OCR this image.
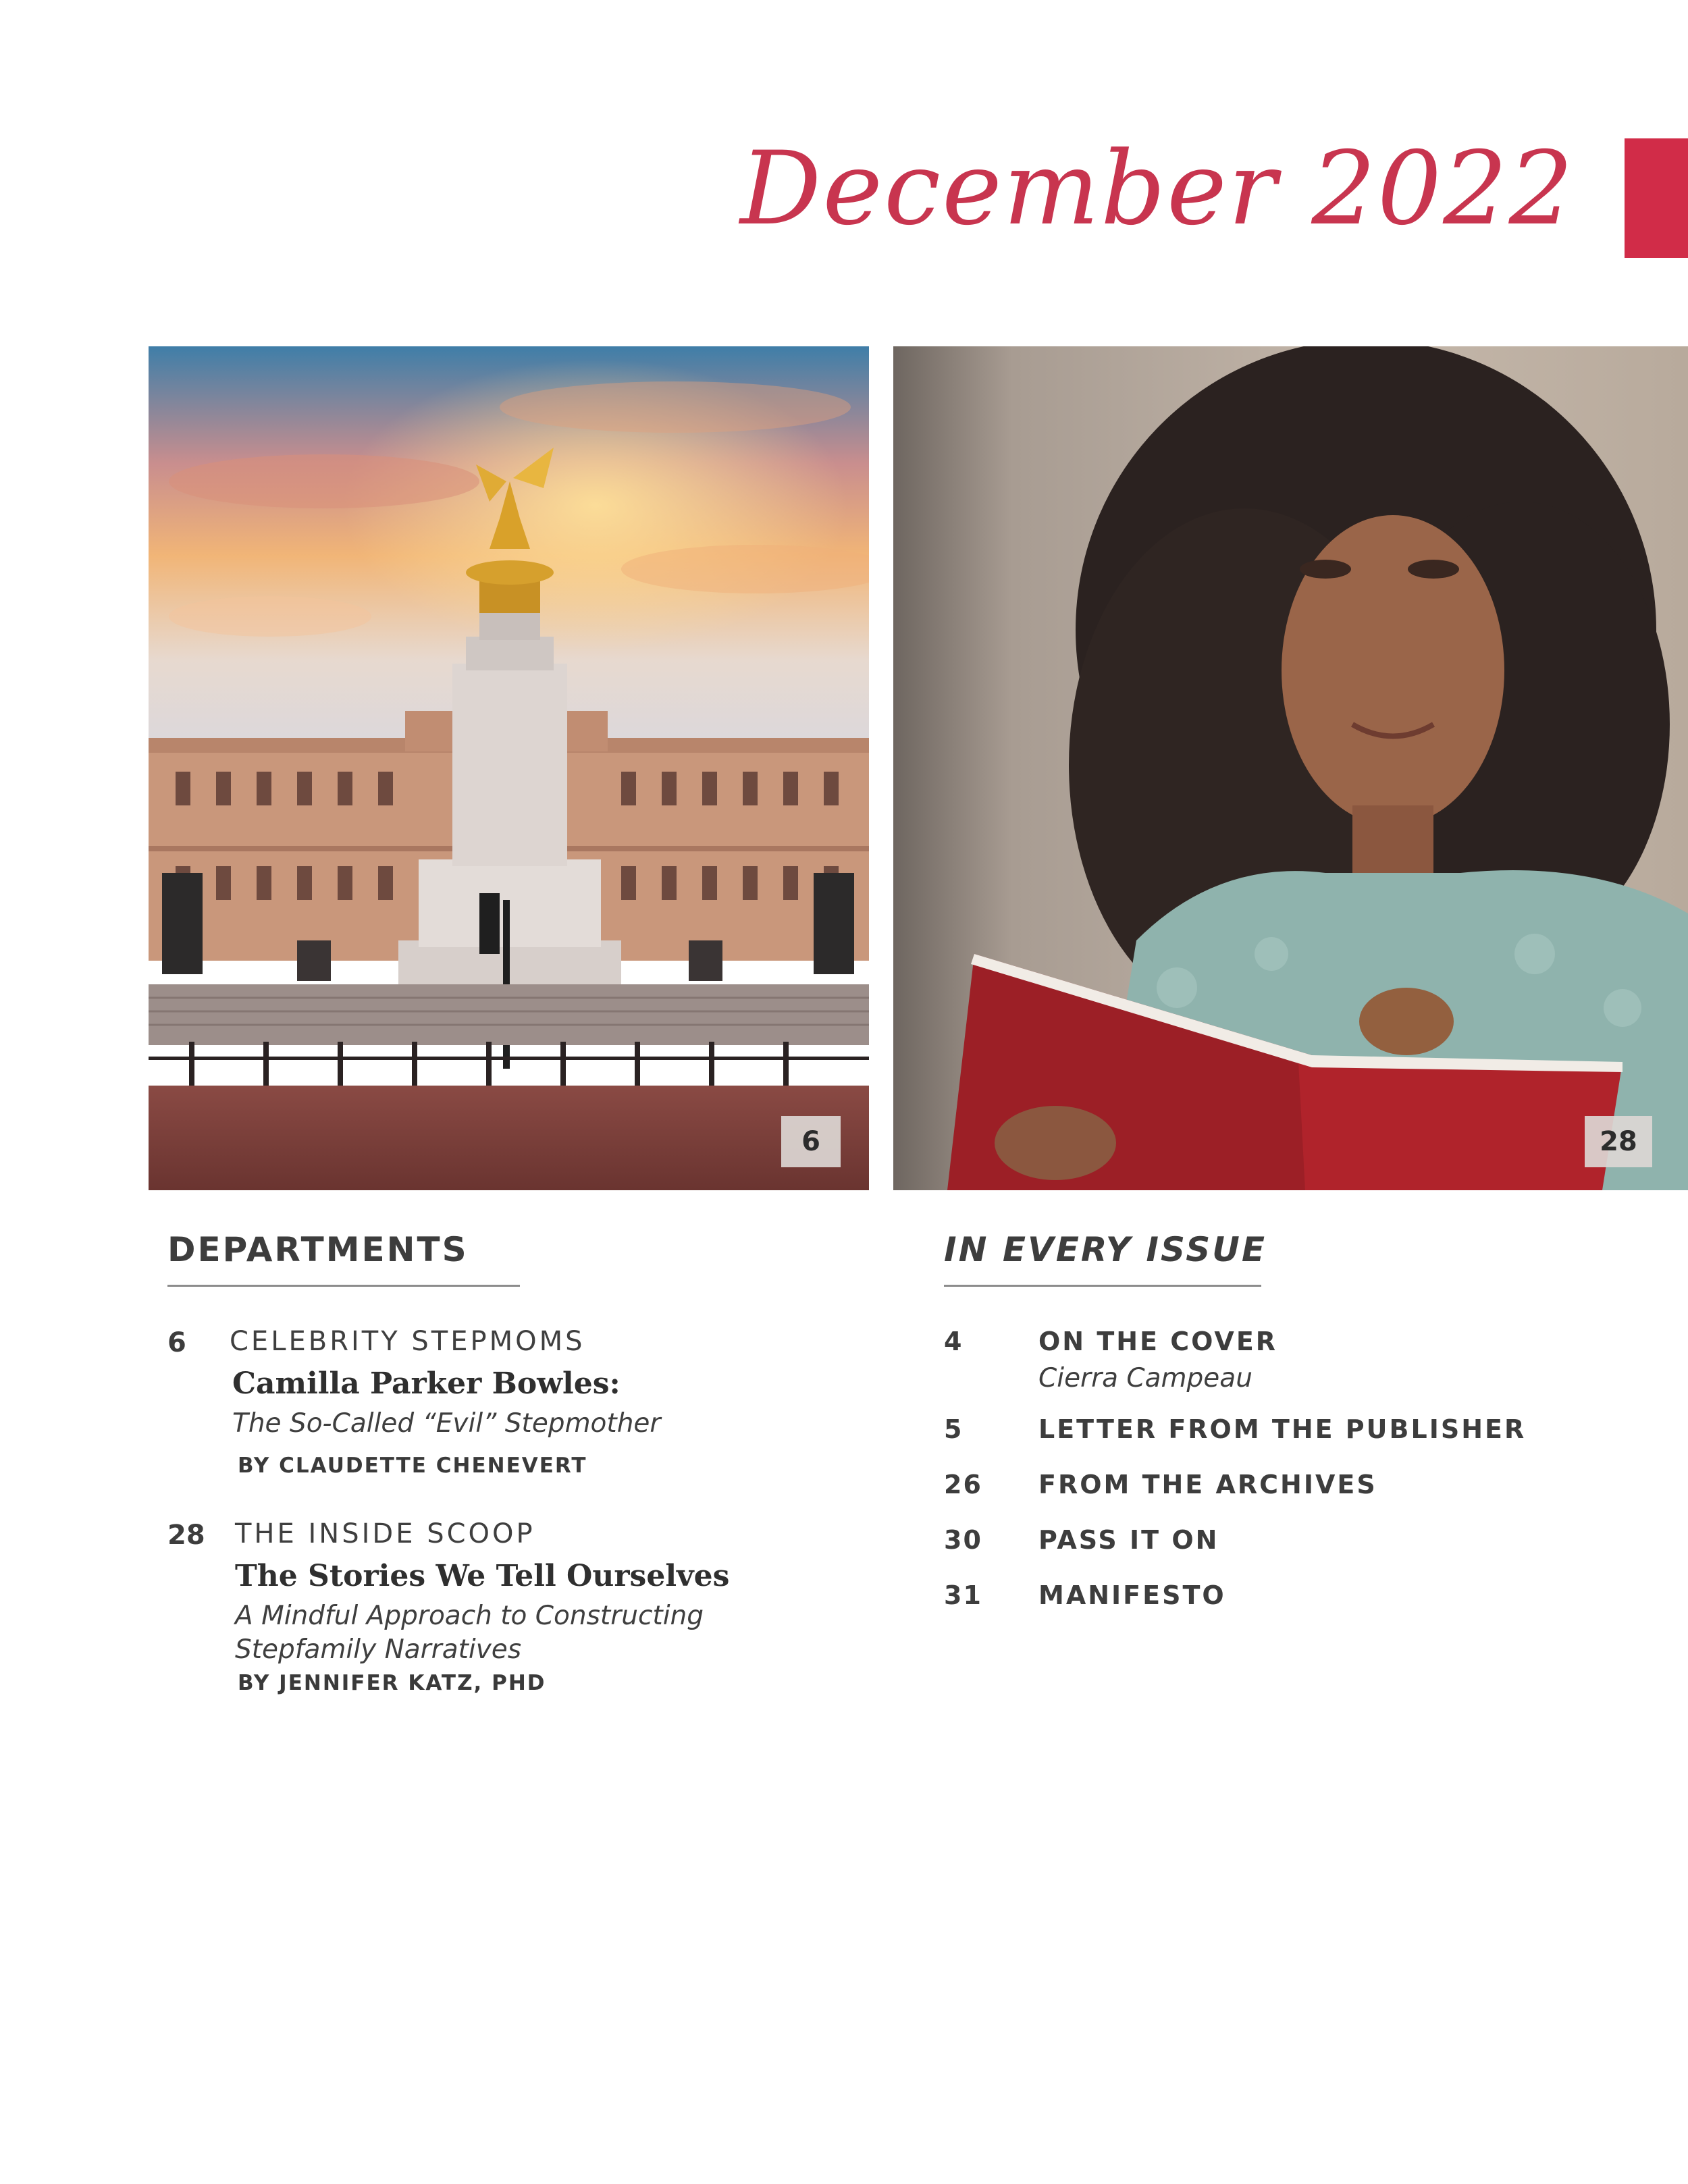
December 2022
6	28
DEPARTMENTS
6 CELEBRITY STEPMOMS
Camilla Parker Bowles:
The So-Called “Evil” Stepmother
BY CLAUDETTE CHENEVERT
28 THE INSIDE SCOOP
The Stories We Tell Ourselves
A Mindful Approach to Constructing
Stepfamily Narratives
BY JENNIFER KATZ, PHD
IN EVERY ISSUE
4	ON THE COVER
Cierra Campeau
5	LETTER FROM THE PUBLISHER
26 FROM THE ARCHIVES
30 PASS IT ON
31 MANIFESTO
